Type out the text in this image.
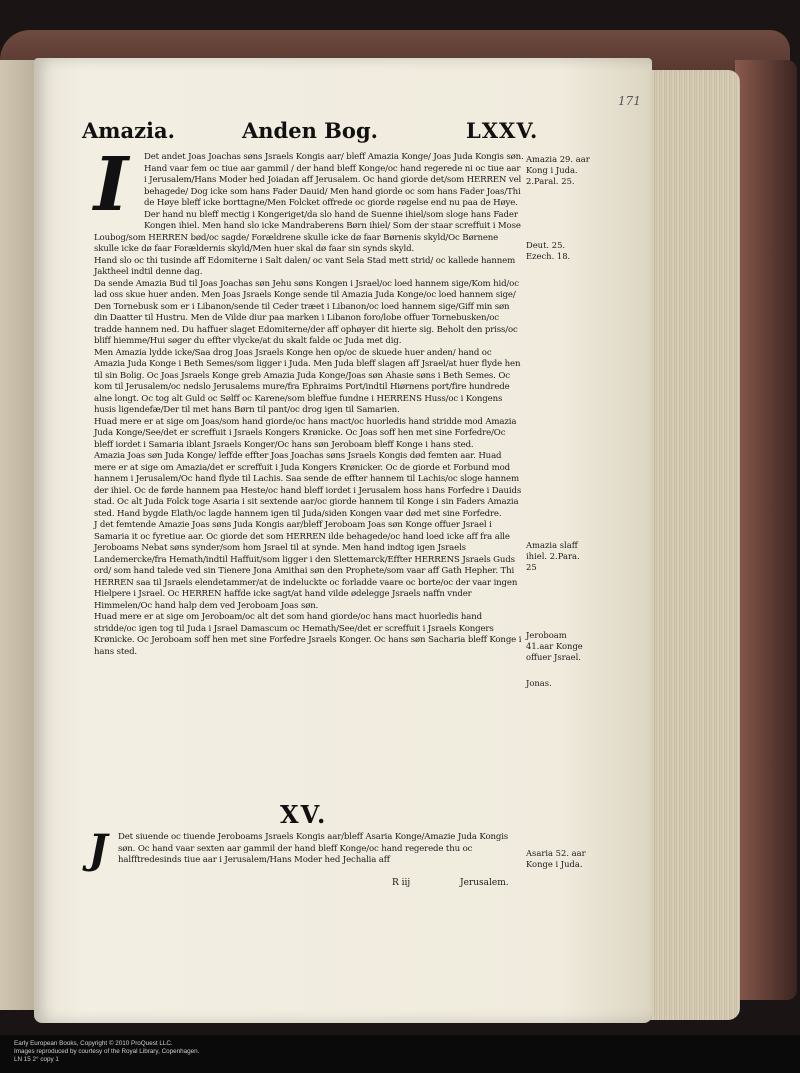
171
Amazia.	Anden Bog.	LXXV.
I	Det andet Joas Joachas søns Jsraels Kongis aar/ bleff Amazia Konge/ Joas Juda Kongis søn. Hand vaar fem oc tiue aar gammil / der hand bleff Konge/oc hand regerede ni oc tiue aar i Jerusalem/Hans Moder hed Joiadan aff Jerusalem. Oc hand giorde det/som HERREN vel behagede/ Dog icke som hans Fader Dauid/ Men hand giorde oc som hans Fader Joas/Thi de Høye bleff icke borttagne/Men Folcket offrede oc giorde røgelse end nu paa de Høye.

Der hand nu bleff mectig i Kongeriget/da slo hand de Suenne ihiel/som sloge hans Fader Kongen ihiel. Men hand slo icke Mandraberens Børn ihiel/ Som der staar screffuit i Mose Loubog/som HERREN bød/oc sagde/ Forældrene skulle icke dø faar Børnenis skyld/Oc Børnene skulle icke dø faar Forældernis skyld/Men huer skal dø faar sin synds skyld.

Hand slo oc thi tusinde aff Edomiterne i Salt dalen/ oc vant Sela Stad mett strid/ oc kallede hannem Jaktheel indtil denne dag.

Da sende Amazia Bud til Joas Joachas søn Jehu søns Kongen i Jsrael/oc loed hannem sige/Kom hid/oc lad oss skue huer anden. Men Joas Jsraels Konge sende til Amazia Juda Konge/oc loed hannem sige/ Den Tornebusk som er i Libanon/sende til Ceder træet i Libanon/oc loed hannem sige/Giff min søn din Daatter til Hustru. Men de Vilde diur paa marken i Libanon foro/lobe offuer Tornebusken/oc tradde hannem ned. Du haffuer slaget Edomiterne/der aff ophøyer dit hierte sig. Beholt den priss/oc bliff hiemme/Hui søger du effter vlycke/at du skalt falde oc Juda met dig.

Men Amazia lydde icke/Saa drog Joas Jsraels Konge hen op/oc de skuede huer anden/ hand oc Amazia Juda Konge i Beth Semes/som ligger i Juda. Men Juda bleff slagen aff Jsrael/at huer flyde hen til sin Bolig. Oc Joas Jsraels Konge greb Amazia Juda Konge/Joas søn Ahasie søns i Beth Semes. Oc kom til Jerusalem/oc nedslo Jerusalems mure/fra Ephraims Port/indtil Hiørnens port/fire hundrede alne longt. Oc tog alt Guld oc Sølff oc Karene/som bleffue fundne i HERRENS Huss/oc i Kongens husis ligendefæ/Der til met hans Børn til pant/oc drog igen til Samarien.

Huad mere er at sige om Joas/som hand giorde/oc hans mact/oc huorledis hand stridde mod Amazia Juda Konge/See/det er screffuit i Jsraels Kongers Krønicke. Oc Joas soff hen met sine Forfedre/Oc bleff iordet i Samaria iblant Jsraels Konger/Oc hans søn Jeroboam bleff Konge i hans sted.

Amazia Joas søn Juda Konge/ leffde effter Joas Joachas søns Jsraels Kongis død femten aar. Huad mere er at sige om Amazia/det er screffuit i Juda Kongers Krønicker. Oc de giorde et Forbund mod hannem i Jerusalem/Oc hand flyde til Lachis. Saa sende de effter hannem til Lachis/oc sloge hannem der ihiel. Oc de førde hannem paa Heste/oc hand bleff iordet i Jerusalem hoss hans Forfedre i Dauids stad. Oc alt Juda Folck toge Asaria i sit sextende aar/oc giorde hannem til Konge i sin Faders Amazia sted. Hand bygde Elath/oc lagde hannem igen til Juda/siden Kongen vaar død met sine Forfedre.

J det femtende Amazie Joas søns Juda Kongis aar/bleff Jeroboam Joas søn Konge offuer Jsrael i Samaria it oc fyretiue aar. Oc giorde det som HERREN ilde behagede/oc hand loed icke aff fra alle Jeroboams Nebat søns synder/som hom Jsrael til at synde. Men hand indtog igen Jsraels Landemercke/fra Hemath/indtil Haffuit/som ligger i den Slettemarck/Effter HERRENS Jsraels Guds ord/ som hand talede ved sin Tienere Jona Amithai søn den Prophete/som vaar aff Gath Hepher. Thi HERREN saa til Jsraels elendetammer/at de indeluckte oc forladde vaare oc borte/oc der vaar ingen Hielpere i Jsrael. Oc HERREN haffde icke sagt/at hand vilde ødelegge Jsraels naffn vnder Himmelen/Oc hand halp dem ved Jeroboam Joas søn.

Huad mere er at sige om Jeroboam/oc alt det som hand giorde/oc hans mact huorledis hand stridde/oc igen tog til Juda i Jsrael Damascum oc Hemath/See/det er screffuit i Jsraels Kongers Krønicke. Oc Jeroboam soff hen met sine Forfedre Jsraels Konger. Oc hans søn Sacharia bleff Konge i hans sted.

XV.
J	Det siuende oc tiuende Jeroboams Jsraels Kongis aar/bleff Asaria Konge/Amazie Juda Kongis søn. Oc hand vaar sexten aar gammil der hand bleff Konge/oc hand regerede thu oc halfftredesinds tiue aar i Jerusalem/Hans Moder hed Jechalia aff

R iij	Jerusalem.
Amazia 29. aar Kong i Juda. 2.Paral. 25.
Deut. 25. Ezech. 18.
Amazia slaff ihiel. 2.Para. 25
Jeroboam 41.aar Konge offuer Jsrael.
Jonas.
Asaria 52. aar Konge i Juda.
Early European Books, Copyright © 2010 ProQuest LLC.
Images reproduced by courtesy of the Royal Library, Copenhagen.
LN 15 2° copy 1
